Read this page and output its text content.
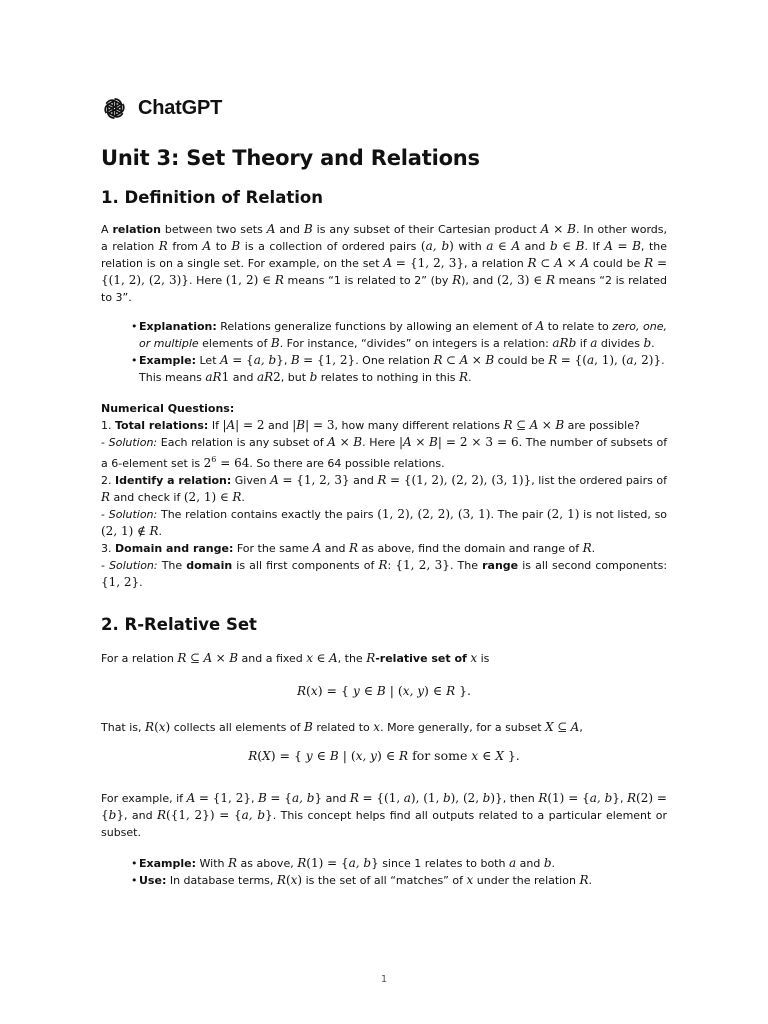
ChatGPT
Unit 3: Set Theory and Relations
1. Definition of Relation

A relation between two sets A and B is any subset of their Cartesian product A × B. In other words, a relation R from A to B is a collection of ordered pairs (a, b) with a ∈ A and b ∈ B. If A = B, the relation is on a single set. For example, on the set A = {1, 2, 3}, a relation R ⊂ A × A could be R = {(1, 2), (2, 3)}. Here (1, 2) ∈ R means “1 is related to 2” (by R), and (2, 3) ∈ R means “2 is related to 3”.

• Explanation: Relations generalize functions by allowing an element of A to relate to zero, one, or multiple elements of B. For instance, “divides” on integers is a relation: aRb if a divides b.
• Example: Let A = {a, b}, B = {1, 2}. One relation R ⊂ A × B could be R = {(a, 1), (a, 2)}. This means aR1 and aR2, but b relates to nothing in this R.

Numerical Questions:

1. Total relations: If |A| = 2 and |B| = 3, how many different relations R ⊆ A × B are possible?

- Solution: Each relation is any subset of A × B. Here |A × B| = 2 × 3 = 6. The number of subsets of a 6-element set is $2^6 = 64$. So there are 64 possible relations.

2. Identify a relation: Given A = {1, 2, 3} and R = {(1, 2), (2, 2), (3, 1)}, list the ordered pairs of R and check if (2, 1) ∈ R.

- Solution: The relation contains exactly the pairs (1, 2), (2, 2), (3, 1). The pair (2, 1) is not listed, so (2, 1) ∉ R.

3. Domain and range: For the same A and R as above, find the domain and range of R.

- Solution: The domain is all first components of R: {1, 2, 3}. The range is all second components: {1, 2}.

2. R-Relative Set

For a relation R ⊆ A × B and a fixed x ∈ A, the R-relative set of x is

R(x) = { y ∈ B | (x, y) ∈ R }.

That is, R(x) collects all elements of B related to x. More generally, for a subset X ⊆ A,

R(X) = { y ∈ B | (x, y) ∈ R for some x ∈ X }.

For example, if A = {1, 2}, B = {a, b} and R = {(1, a), (1, b), (2, b)}, then R(1) = {a, b}, R(2) = {b}, and R({1, 2}) = {a, b}. This concept helps find all outputs related to a particular element or subset.

• Example: With R as above, R(1) = {a, b} since 1 relates to both a and b.
• Use: In database terms, R(x) is the set of all “matches” of x under the relation R.
1
